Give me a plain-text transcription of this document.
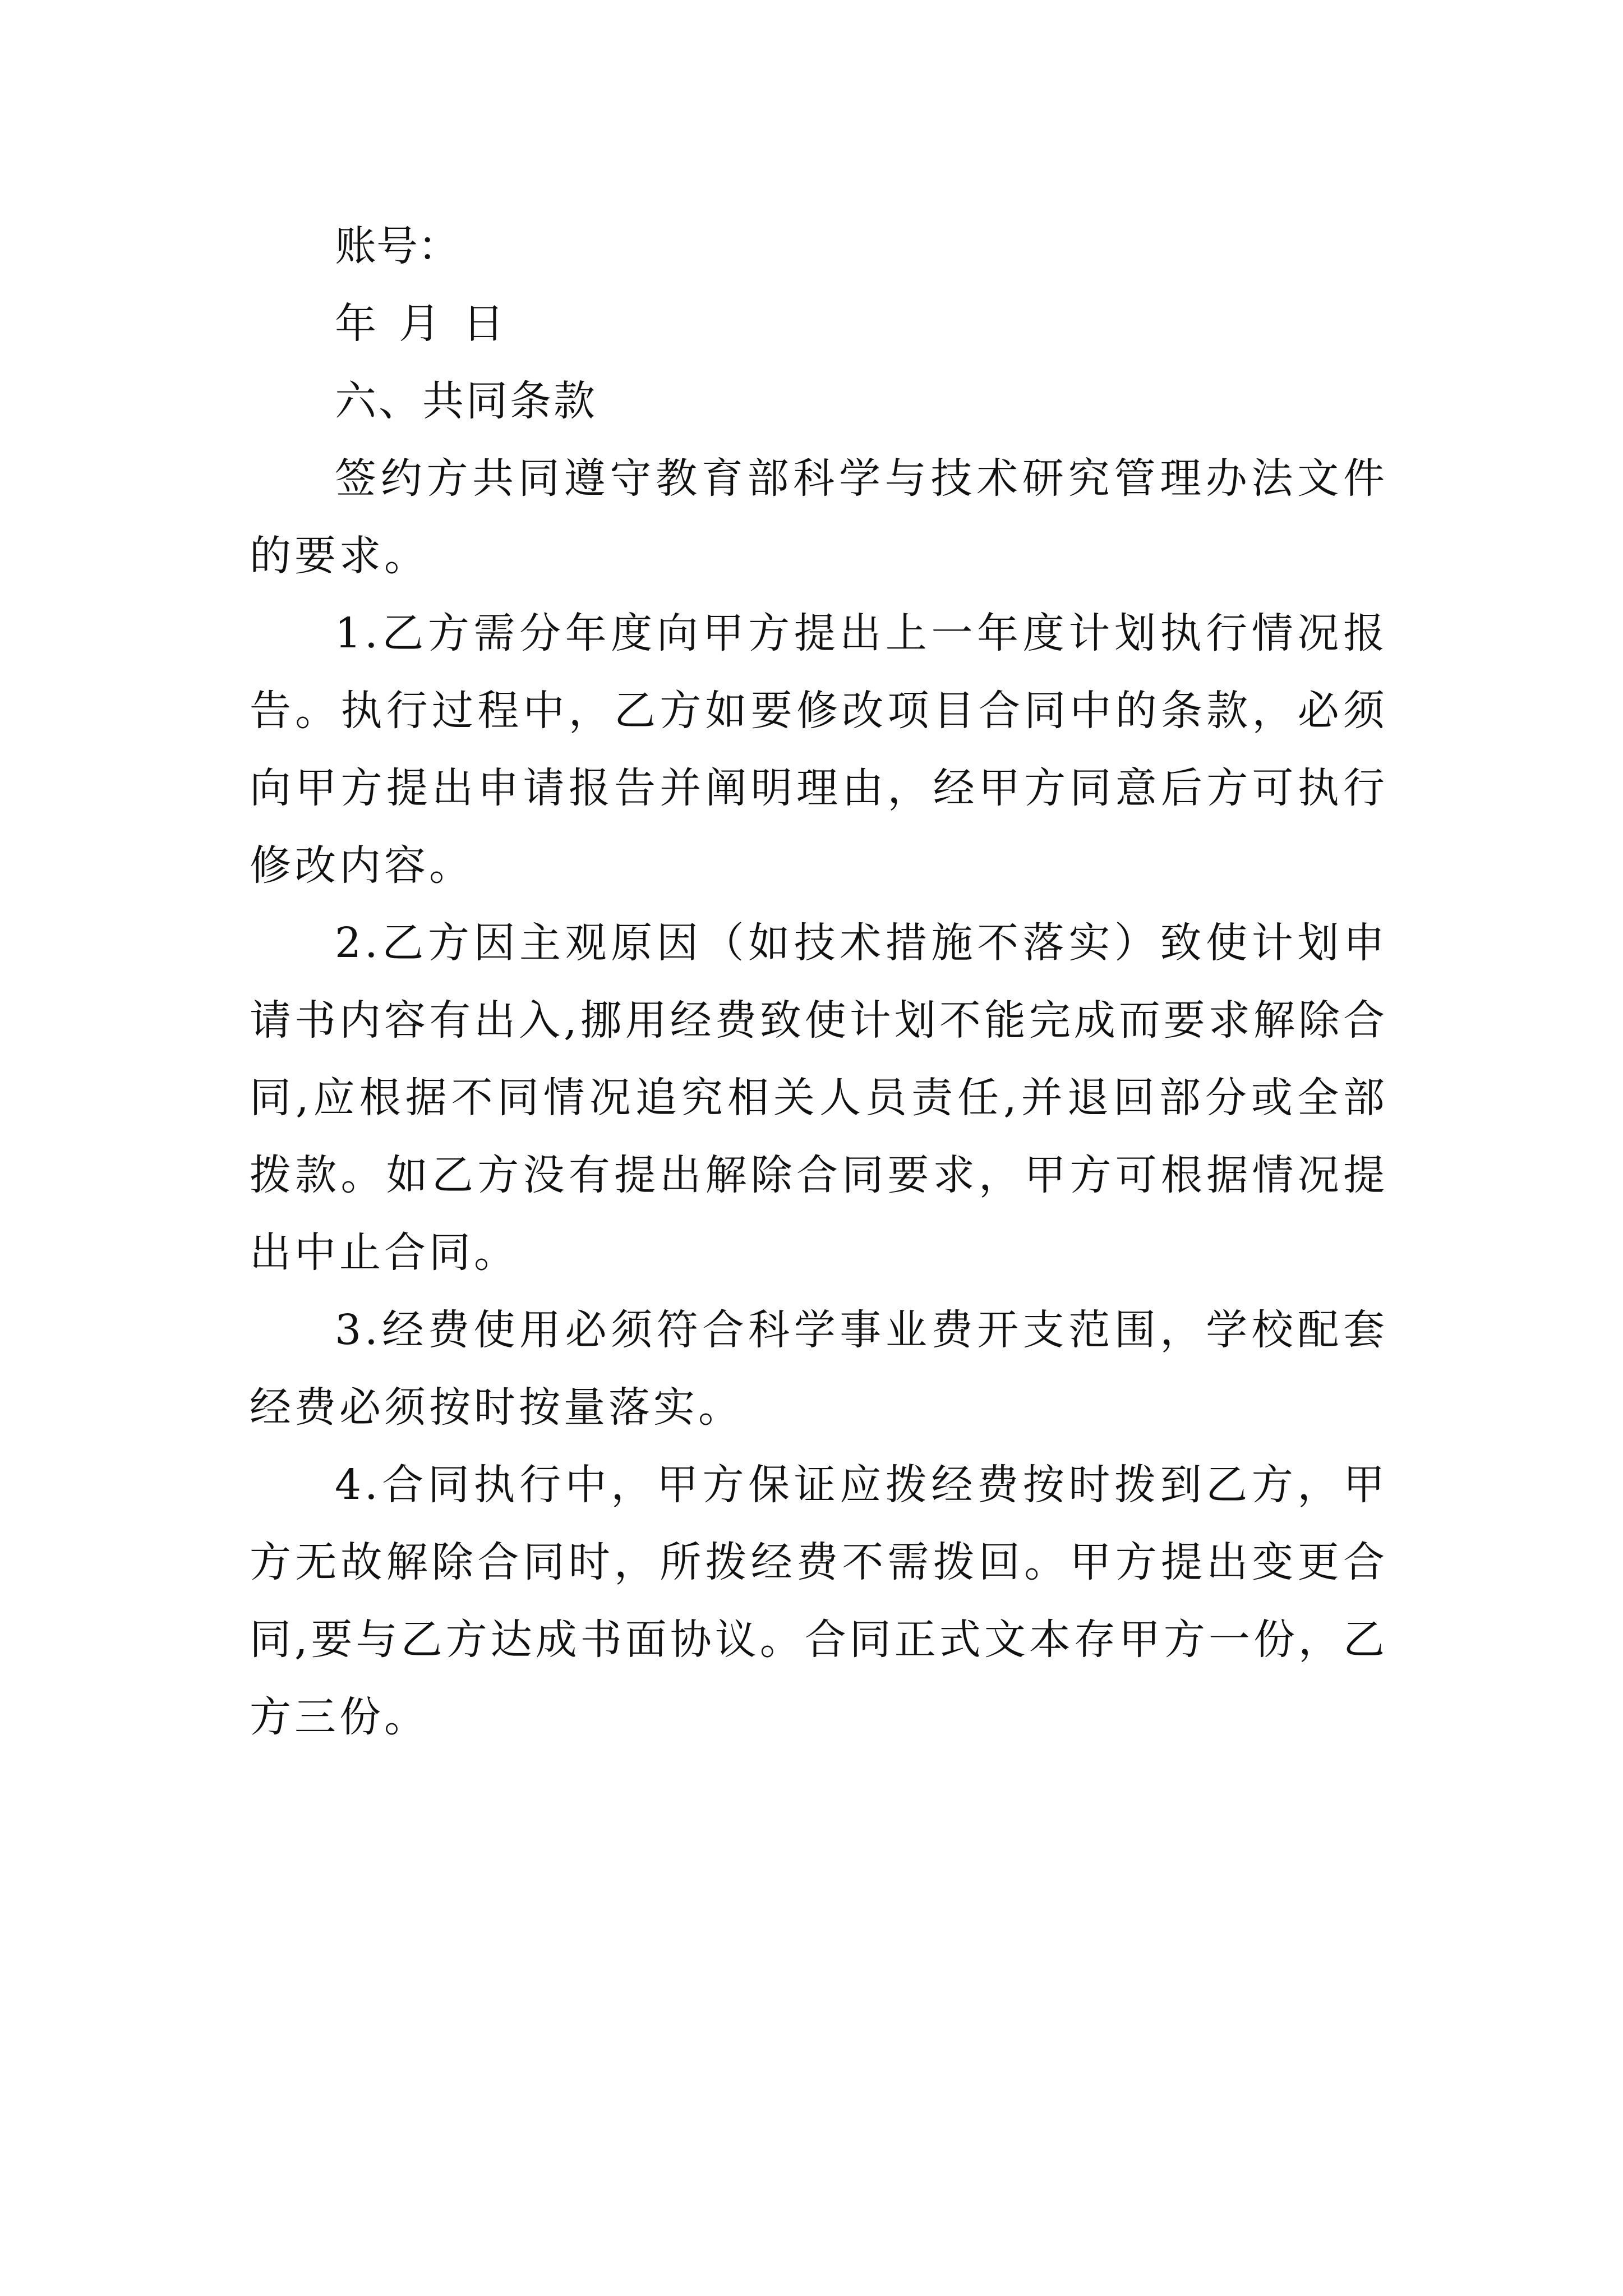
账号：
年 月 日
六、共同条款

签约方共同遵守教育部科学与技术研究管理办法文件的要求。

1.乙方需分年度向甲方提出上一年度计划执行情况报告。执行过程中，乙方如要修改项目合同中的条款，必须向甲方提出申请报告并阐明理由，经甲方同意后方可执行修改内容。

2.乙方因主观原因（如技术措施不落实）致使计划申请书内容有出入,挪用经费致使计划不能完成而要求解除合同,应根据不同情况追究相关人员责任,并退回部分或全部拨款。如乙方没有提出解除合同要求，甲方可根据情况提出中止合同。

3.经费使用必须符合科学事业费开支范围，学校配套经费必须按时按量落实。

4.合同执行中，甲方保证应拨经费按时拨到乙方，甲方无故解除合同时，所拨经费不需拨回。甲方提出变更合同,要与乙方达成书面协议。合同正式文本存甲方一份，乙方三份。
